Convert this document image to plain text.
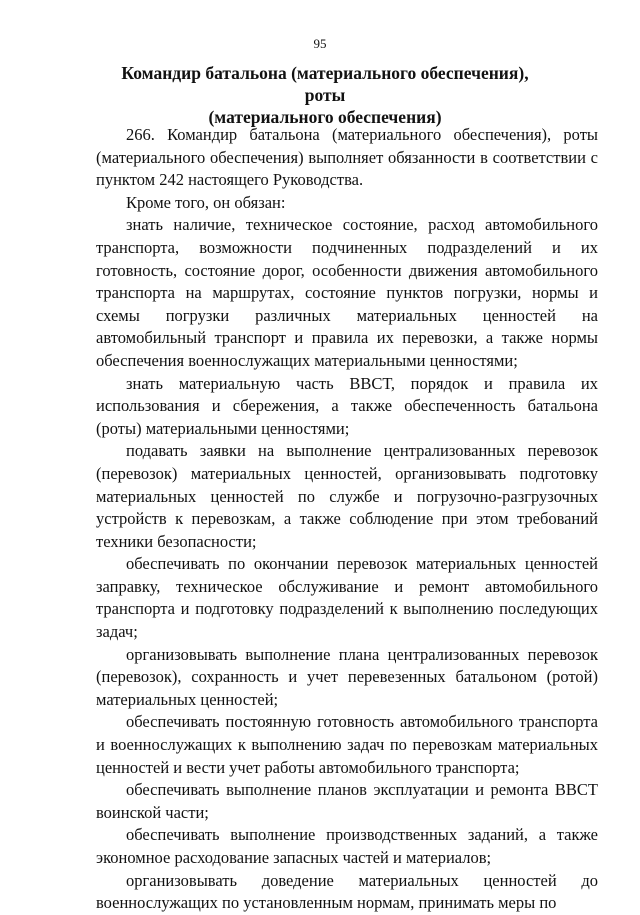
95
Командир батальона (материального обеспечения), роты
(материального обеспечения)

266. Командир батальона (материального обеспечения), роты (материального обеспечения) выполняет обязанности в соответствии с пунктом 242 настоящего Руководства.

Кроме того, он обязан:

знать наличие, техническое состояние, расход автомобильного транспорта, возможности подчиненных подразделений и их готовность, состояние дорог, особенности движения автомобильного транспорта на маршрутах, состояние пунктов погрузки, нормы и схемы погрузки различных материальных ценностей на автомобильный транспорт и правила их перевозки, а также нормы обеспечения военнослужащих материальными ценностями;

знать материальную часть ВВСТ, порядок и правила их использования и сбережения, а также обеспеченность батальона (роты) материальными ценностями;

подавать заявки на выполнение централизованных перевозок (перевозок) материальных ценностей, организовывать подготовку материальных ценностей по службе и погрузочно-разгрузочных устройств к перевозкам, а также соблюдение при этом требований техники безопасности;

обеспечивать по окончании перевозок материальных ценностей заправку, техническое обслуживание и ремонт автомобильного транспорта и подготовку подразделений к выполнению последующих задач;

организовывать выполнение плана централизованных перевозок (перевозок), сохранность и учет перевезенных батальоном (ротой) материальных ценностей;

обеспечивать постоянную готовность автомобильного транспорта и военнослужащих к выполнению задач по перевозкам материальных ценностей и вести учет работы автомобильного транспорта;

обеспечивать выполнение планов эксплуатации и ремонта ВВСТ воинской части;

обеспечивать выполнение производственных заданий, а также экономное расходование запасных частей и материалов;

организовывать доведение материальных ценностей до военнослужащих по установленным нормам, принимать меры по
